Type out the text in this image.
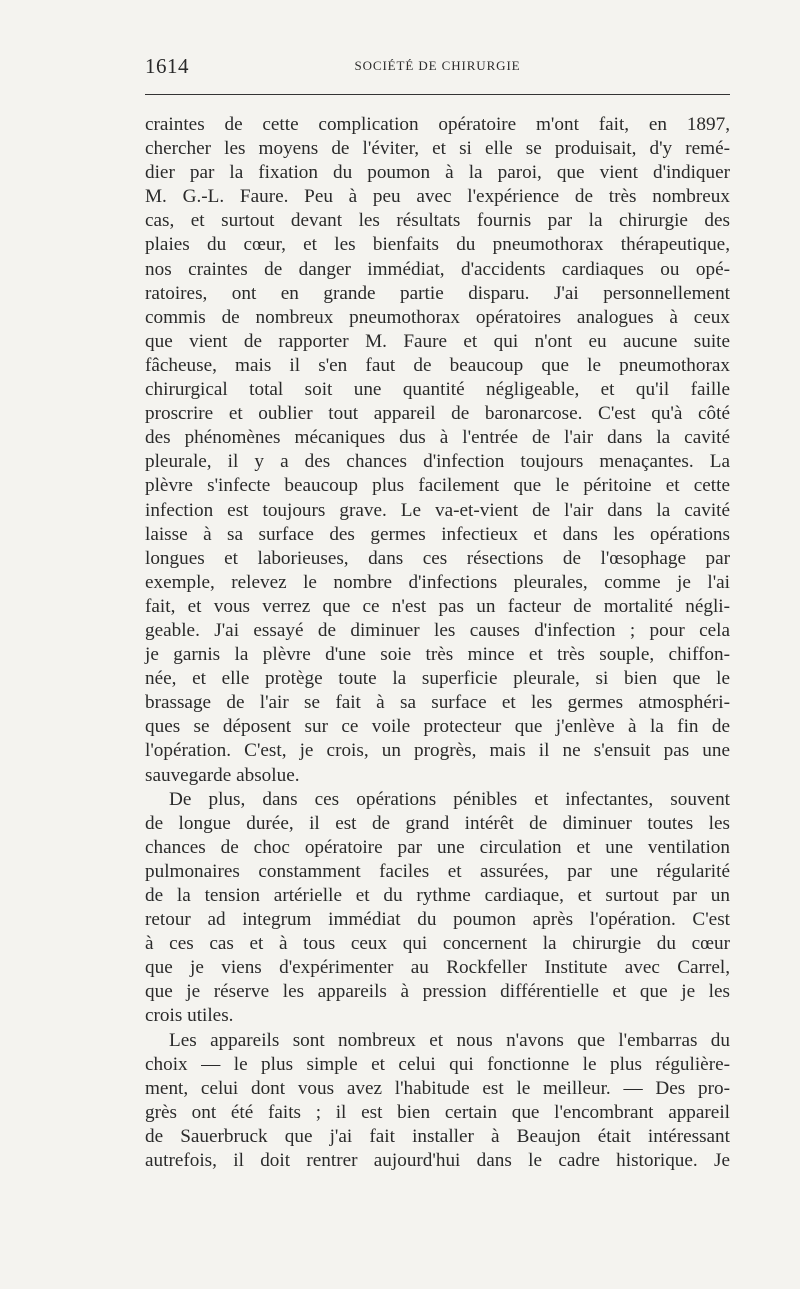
1614	SOCIÉTÉ DE CHIRURGIE
craintes de cette complication opératoire m'ont fait, en 1897,
chercher les moyens de l'éviter, et si elle se produisait, d'y remé-
dier par la fixation du poumon à la paroi, que vient d'indiquer
M. G.-L. Faure. Peu à peu avec l'expérience de très nombreux
cas, et surtout devant les résultats fournis par la chirurgie des
plaies du cœur, et les bienfaits du pneumothorax thérapeutique,
nos craintes de danger immédiat, d'accidents cardiaques ou opé-
ratoires, ont en grande partie disparu. J'ai personnellement
commis de nombreux pneumothorax opératoires analogues à ceux
que vient de rapporter M. Faure et qui n'ont eu aucune suite
fâcheuse, mais il s'en faut de beaucoup que le pneumothorax
chirurgical total soit une quantité négligeable, et qu'il faille
proscrire et oublier tout appareil de baronarcose. C'est qu'à côté
des phénomènes mécaniques dus à l'entrée de l'air dans la cavité
pleurale, il y a des chances d'infection toujours menaçantes. La
plèvre s'infecte beaucoup plus facilement que le péritoine et cette
infection est toujours grave. Le va-et-vient de l'air dans la cavité
laisse à sa surface des germes infectieux et dans les opérations
longues et laborieuses, dans ces résections de l'œsophage par
exemple, relevez le nombre d'infections pleurales, comme je l'ai
fait, et vous verrez que ce n'est pas un facteur de mortalité négli-
geable. J'ai essayé de diminuer les causes d'infection ; pour cela
je garnis la plèvre d'une soie très mince et très souple, chiffon-
née, et elle protège toute la superficie pleurale, si bien que le
brassage de l'air se fait à sa surface et les germes atmosphéri-
ques se déposent sur ce voile protecteur que j'enlève à la fin de
l'opération. C'est, je crois, un progrès, mais il ne s'ensuit pas une
sauvegarde absolue.
De plus, dans ces opérations pénibles et infectantes, souvent
de longue durée, il est de grand intérêt de diminuer toutes les
chances de choc opératoire par une circulation et une ventilation
pulmonaires constamment faciles et assurées, par une régularité
de la tension artérielle et du rythme cardiaque, et surtout par un
retour ad integrum immédiat du poumon après l'opération. C'est
à ces cas et à tous ceux qui concernent la chirurgie du cœur
que je viens d'expérimenter au Rockfeller Institute avec Carrel,
que je réserve les appareils à pression différentielle et que je les
crois utiles.
Les appareils sont nombreux et nous n'avons que l'embarras du
choix — le plus simple et celui qui fonctionne le plus régulière-
ment, celui dont vous avez l'habitude est le meilleur. — Des pro-
grès ont été faits ; il est bien certain que l'encombrant appareil
de Sauerbruck que j'ai fait installer à Beaujon était intéressant
autrefois, il doit rentrer aujourd'hui dans le cadre historique. Je
